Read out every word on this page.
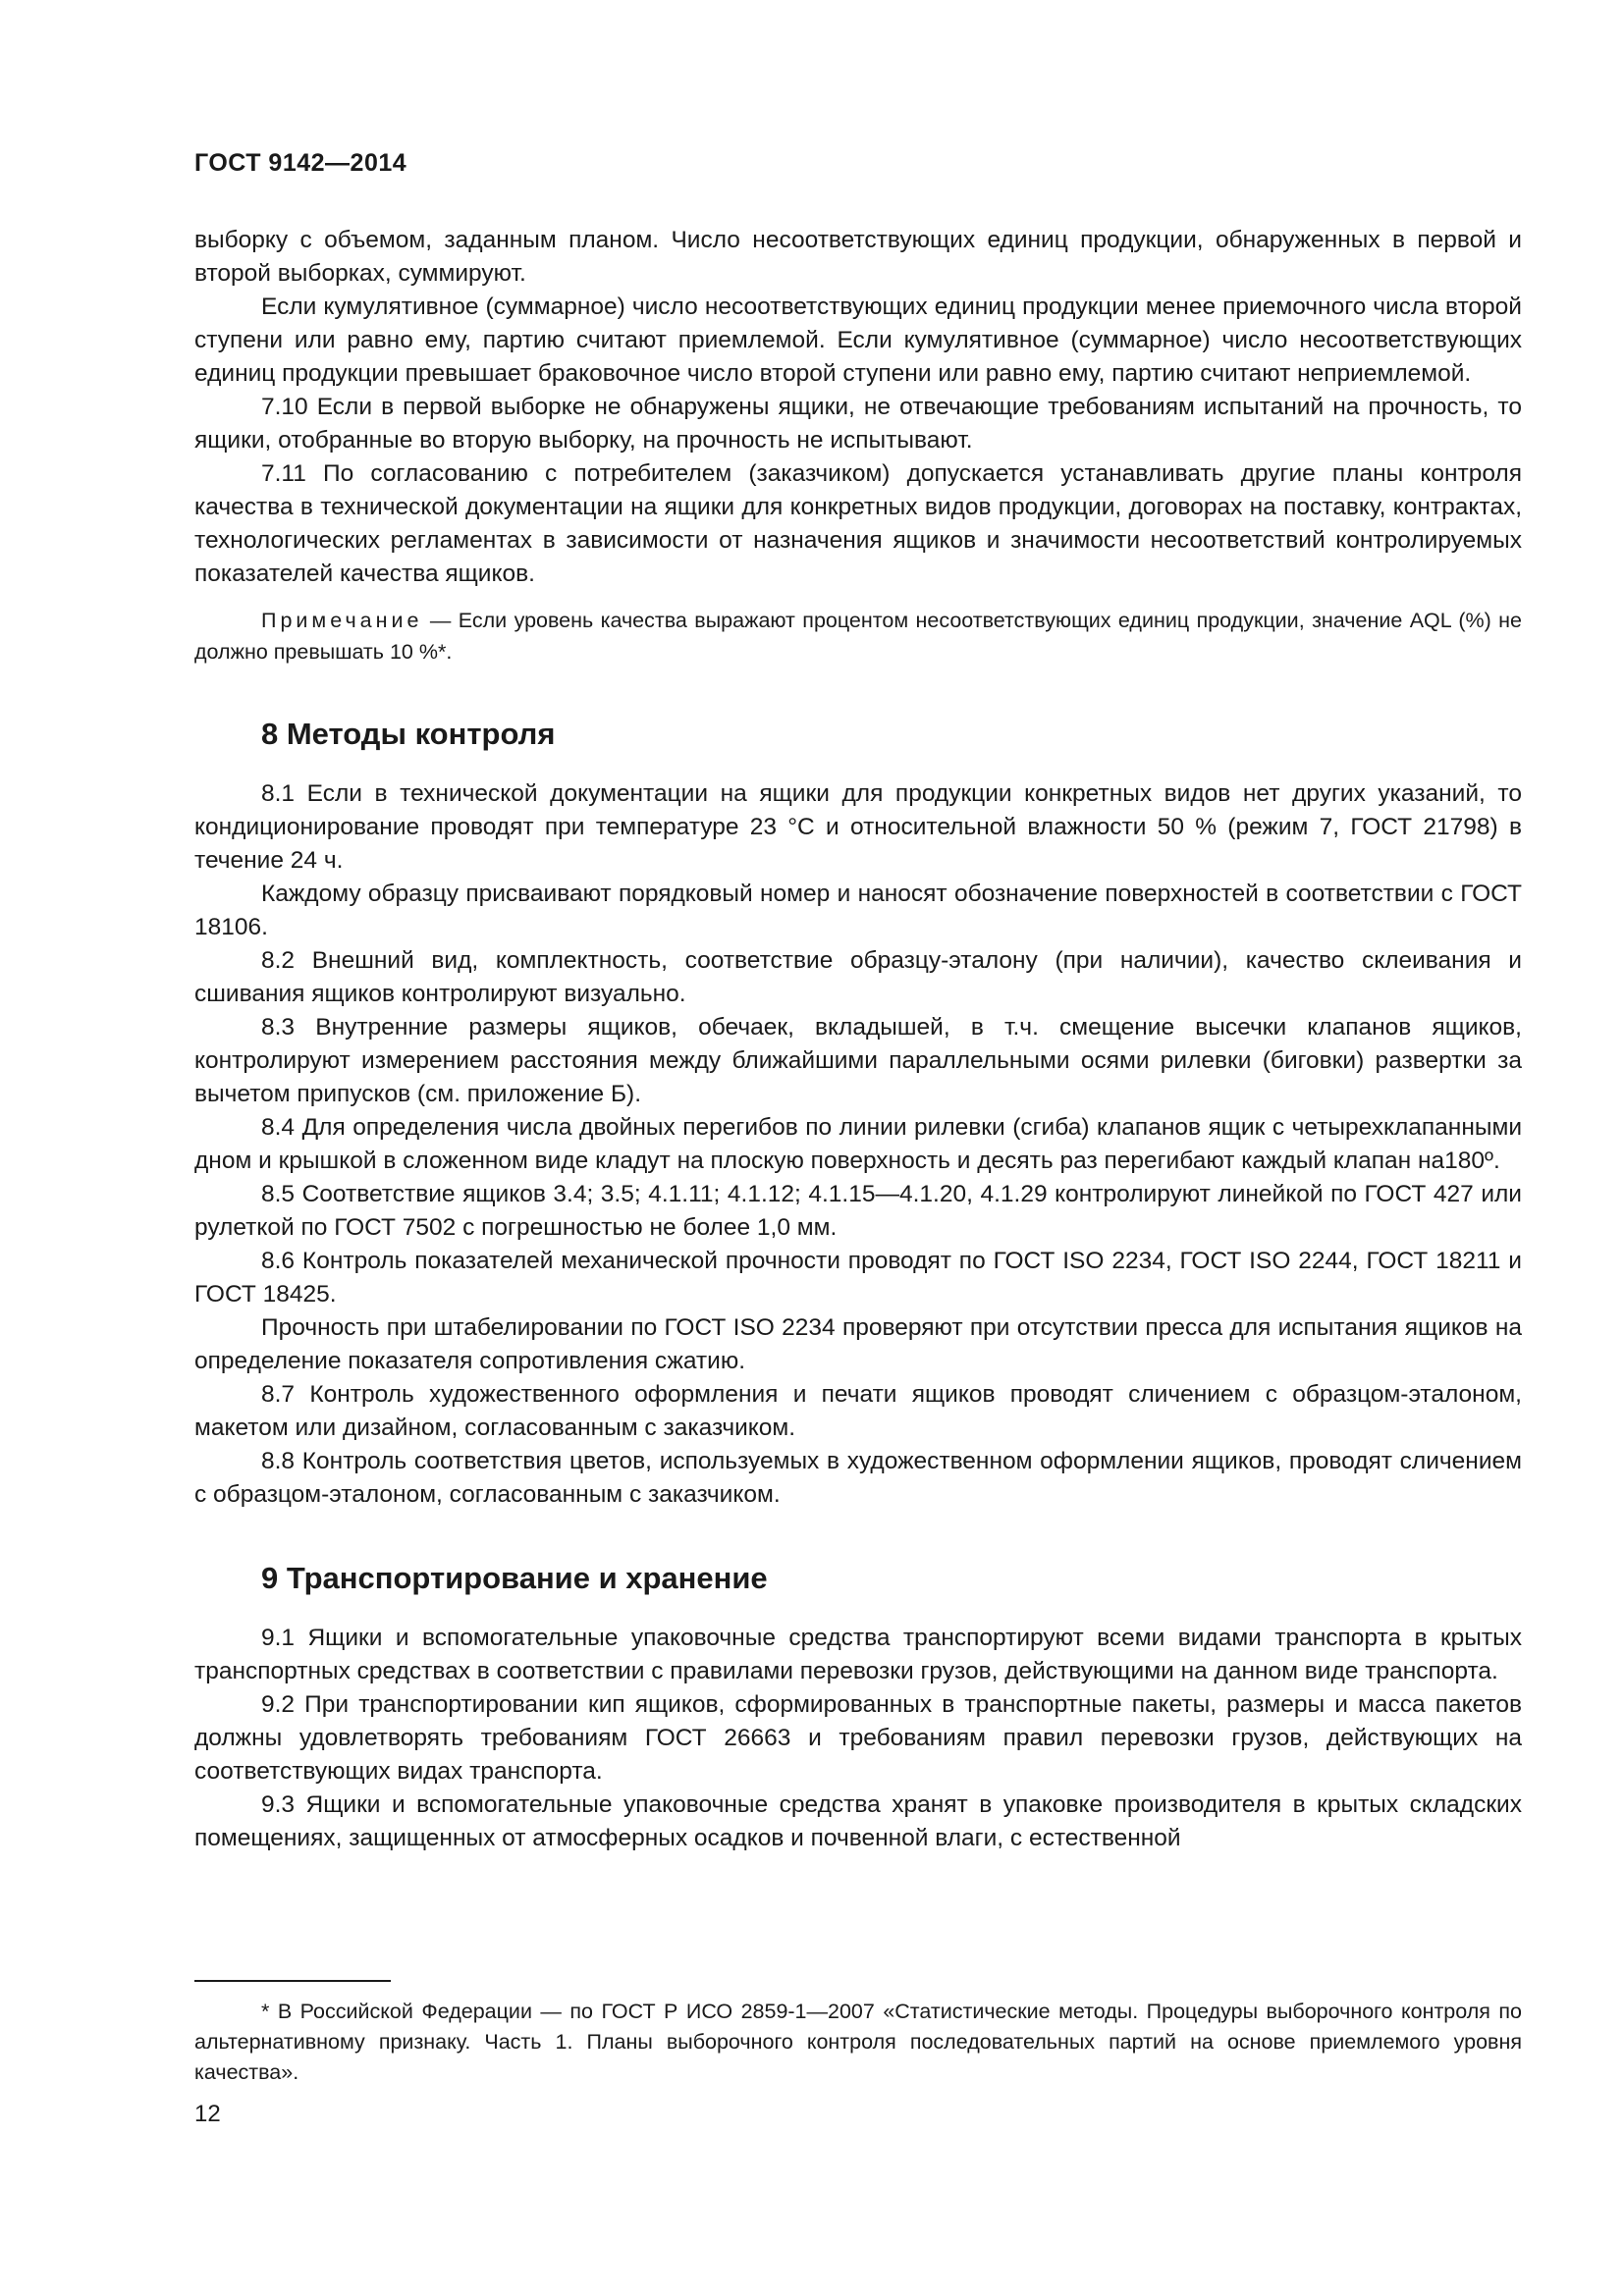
ГОСТ 9142—2014

выборку с объемом, заданным планом. Число несоответствующих единиц продукции, обнаруженных в первой и второй выборках, суммируют.

Если кумулятивное (суммарное) число несоответствующих единиц продукции менее приемочного числа второй ступени или равно ему, партию считают приемлемой. Если кумулятивное (суммарное) число несоответствующих единиц продукции превышает браковочное число второй ступени или равно ему, партию считают неприемлемой.

7.10 Если в первой выборке не обнаружены ящики, не отвечающие требованиям испытаний на прочность, то ящики, отобранные во вторую выборку, на прочность не испытывают.

7.11 По согласованию с потребителем (заказчиком) допускается устанавливать другие планы контроля качества в технической документации на ящики для конкретных видов продукции, договорах на поставку, контрактах, технологических регламентах в зависимости от назначения ящиков и значимости несоответствий контролируемых показателей качества ящиков.

Примечание — Если уровень качества выражают процентом несоответствующих единиц продукции, значение AQL (%) не должно превышать 10 %*.

8 Методы контроля

8.1 Если в технической документации на ящики для продукции конкретных видов нет других указаний, то кондиционирование проводят при температуре 23 °С и относительной влажности 50 % (режим 7, ГОСТ 21798) в течение 24 ч.

Каждому образцу присваивают порядковый номер и наносят обозначение поверхностей в соответствии с ГОСТ 18106.

8.2 Внешний вид, комплектность, соответствие образцу-эталону (при наличии), качество склеивания и сшивания ящиков контролируют визуально.

8.3 Внутренние размеры ящиков, обечаек, вкладышей, в т.ч. смещение высечки клапанов ящиков, контролируют измерением расстояния между ближайшими параллельными осями рилевки (биговки) развертки за вычетом припусков (см. приложение Б).

8.4 Для определения числа двойных перегибов по линии рилевки (сгиба) клапанов ящик с четырехклапанными дном и крышкой в сложенном виде кладут на плоскую поверхность и десять раз перегибают каждый клапан на180º.

8.5 Соответствие ящиков 3.4; 3.5; 4.1.11; 4.1.12; 4.1.15—4.1.20, 4.1.29 контролируют линейкой по ГОСТ 427 или рулеткой по ГОСТ 7502 с погрешностью не более 1,0 мм.

8.6 Контроль показателей механической прочности проводят по ГОСТ ISO 2234, ГОСТ ISO 2244, ГОСТ 18211 и ГОСТ 18425.

Прочность при штабелировании по ГОСТ ISO 2234 проверяют при отсутствии пресса для испытания ящиков на определение показателя сопротивления сжатию.

8.7 Контроль художественного оформления и печати ящиков проводят сличением с образцом-эталоном, макетом или дизайном, согласованным с заказчиком.

8.8 Контроль соответствия цветов, используемых в художественном оформлении ящиков, проводят сличением с образцом-эталоном, согласованным с заказчиком.

9 Транспортирование и хранение

9.1 Ящики и вспомогательные упаковочные средства транспортируют всеми видами транспорта в крытых транспортных средствах в соответствии с правилами перевозки грузов, действующими на данном виде транспорта.

9.2 При транспортировании кип ящиков, сформированных в транспортные пакеты, размеры и масса пакетов должны удовлетворять требованиям ГОСТ 26663 и требованиям правил перевозки грузов, действующих на соответствующих видах транспорта.

9.3 Ящики и вспомогательные упаковочные средства хранят в упаковке производителя в крытых складских помещениях, защищенных от атмосферных осадков и почвенной влаги, с естественной

* В Российской Федерации — по ГОСТ Р ИСО 2859-1—2007 «Статистические методы. Процедуры выборочного контроля по альтернативному признаку. Часть 1. Планы выборочного контроля последовательных партий на основе приемлемого уровня качества».

12
